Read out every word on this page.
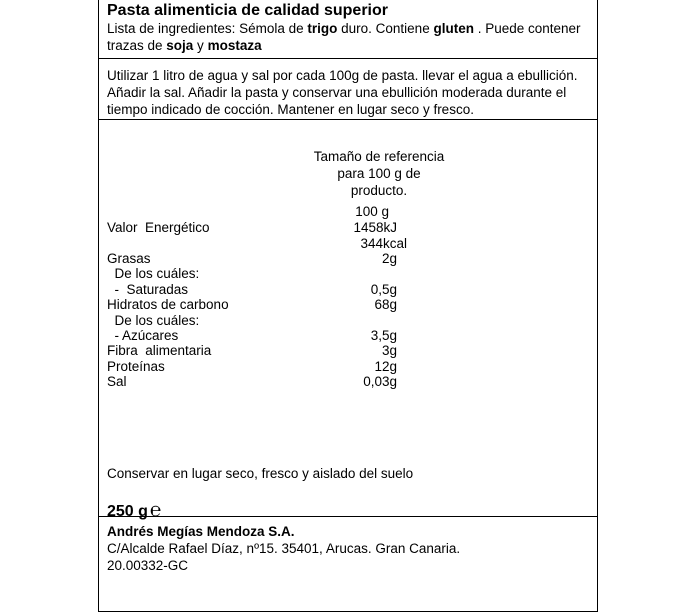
Pasta alimenticia de calidad superior
Lista de ingredientes: Sémola de trigo duro. Contiene gluten . Puede contener trazas de soja y mostaza
Utilizar 1 litro de agua y sal por cada 100g de pasta. llevar el agua a ebullición. Añadir la sal. Añadir la pasta y conservar una ebullición moderada durante el tiempo indicado de cocción. Mantener en lugar seco y fresco.
Tamaño de referencia
para 100 g de producto.
100 g
Valor  Energético	1458kJ
344kcal
Grasas	2g
De los cuáles:
-  Saturadas	0,5g
Hidratos de carbono	68g
De los cuáles:
- Azúcares	3,5g
Fibra  alimentaria	3g
Proteínas	12g
Sal	0,03g
Conservar en lugar seco, fresco y aislado del suelo
250 g ℮
Andrés Megías Mendoza S.A.
C/Alcalde Rafael Díaz, nº15. 35401, Arucas. Gran Canaria.
20.00332-GC
